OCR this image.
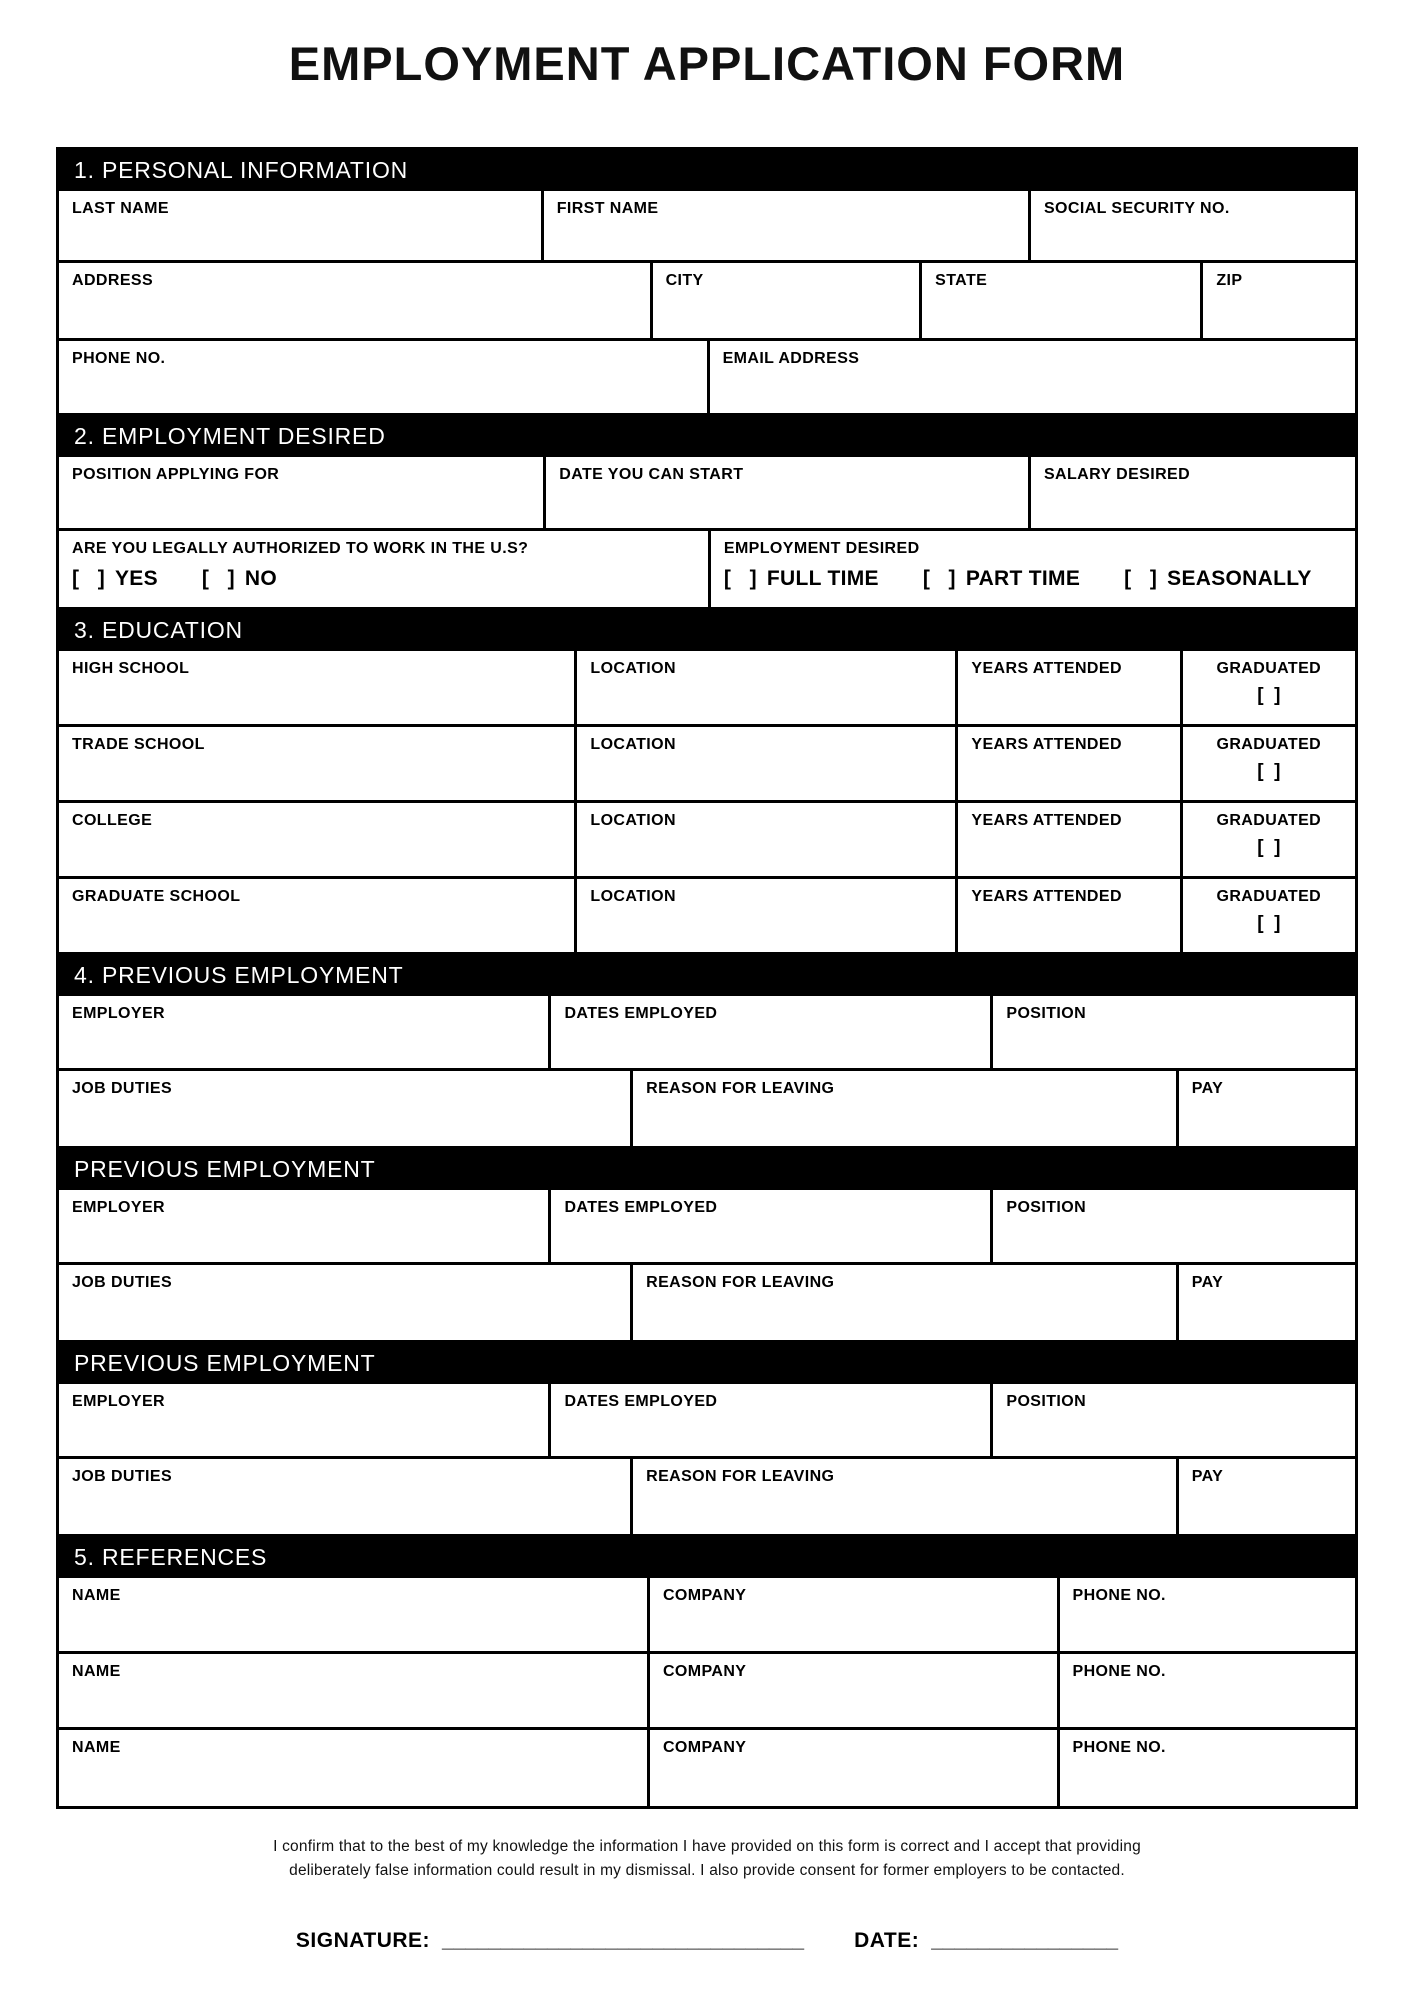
EMPLOYMENT APPLICATION FORM
1. PERSONAL INFORMATION
LAST NAME	FIRST NAME	SOCIAL SECURITY NO.
ADDRESS	CITY	STATE	ZIP
PHONE NO.	EMAIL ADDRESS
2. EMPLOYMENT DESIRED
POSITION APPLYING FOR	DATE YOU CAN START	SALARY DESIRED
ARE YOU LEGALLY AUTHORIZED TO WORK IN THE U.S?
[   ] YES [   ] NO
EMPLOYMENT DESIRED
[   ] FULL TIME [   ] PART TIME [   ] SEASONALLY
3. EDUCATION
HIGH SCHOOL	LOCATION	YEARS ATTENDED	GRADUATED
[  ]
TRADE SCHOOL	LOCATION	YEARS ATTENDED	GRADUATED
[  ]
COLLEGE	LOCATION	YEARS ATTENDED	GRADUATED
[  ]
GRADUATE SCHOOL	LOCATION	YEARS ATTENDED	GRADUATED
[  ]
4. PREVIOUS EMPLOYMENT
EMPLOYER	DATES EMPLOYED	POSITION
JOB DUTIES	REASON FOR LEAVING	PAY
PREVIOUS EMPLOYMENT
EMPLOYER	DATES EMPLOYED	POSITION
JOB DUTIES	REASON FOR LEAVING	PAY
PREVIOUS EMPLOYMENT
EMPLOYER	DATES EMPLOYED	POSITION
JOB DUTIES	REASON FOR LEAVING	PAY
5. REFERENCES
NAME	COMPANY	PHONE NO.
NAME	COMPANY	PHONE NO.
NAME	COMPANY	PHONE NO.
I confirm that to the best of my knowledge the information I have provided on this form is correct and I accept that providing
deliberately false information could result in my dismissal. I also provide consent for former employers to be contacted.
SIGNATURE: _______________________________ DATE: ________________
